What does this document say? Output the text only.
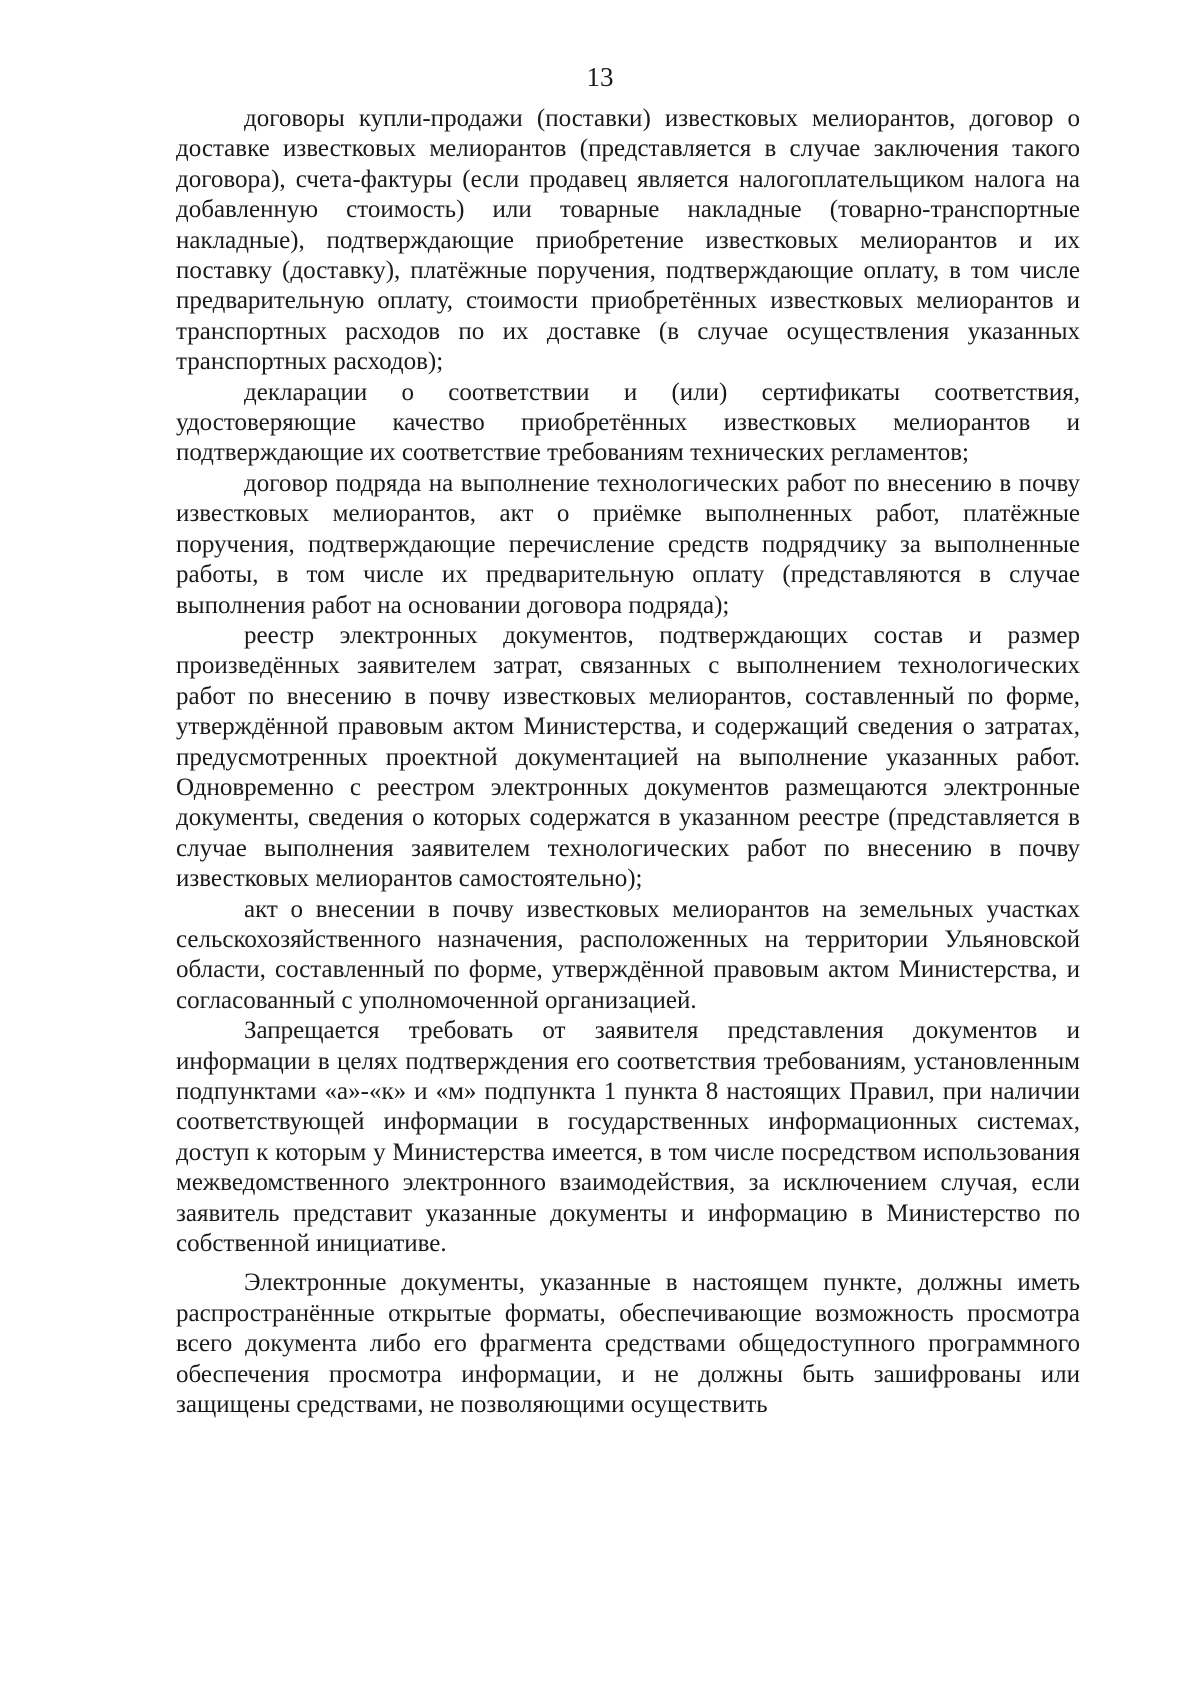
13

договоры купли-продажи (поставки) известковых мелиорантов, договор о доставке известковых мелиорантов (представляется в случае заключения такого договора), счета-фактуры (если продавец является налогоплательщиком налога на добавленную стоимость) или товарные накладные (товарно-транспортные накладные), подтверждающие приобретение известковых мелиорантов и их поставку (доставку), платёжные поручения, подтверждающие оплату, в том числе предварительную оплату, стоимости приобретённых известковых мелиорантов и транспортных расходов по их доставке (в случае осуществления указанных транспортных расходов);

декларации о соответствии и (или) сертификаты соответствия, удостоверяющие качество приобретённых известковых мелиорантов и подтверждающие их соответствие требованиям технических регламентов;

договор подряда на выполнение технологических работ по внесению в почву известковых мелиорантов, акт о приёмке выполненных работ, платёжные поручения, подтверждающие перечисление средств подрядчику за выполненные работы, в том числе их предварительную оплату (представляются в случае выполнения работ на основании договора подряда);

реестр электронных документов, подтверждающих состав и размер произведённых заявителем затрат, связанных с выполнением технологических работ по внесению в почву известковых мелиорантов, составленный по форме, утверждённой правовым актом Министерства, и содержащий сведения о затратах, предусмотренных проектной документацией на выполнение указанных работ. Одновременно с реестром электронных документов размещаются электронные документы, сведения о которых содержатся в указанном реестре (представляется в случае выполнения заявителем технологических работ по внесению в почву известковых мелиорантов самостоятельно);

акт о внесении в почву известковых мелиорантов на земельных участках сельскохозяйственного назначения, расположенных на территории Ульяновской области, составленный по форме, утверждённой правовым актом Министерства, и согласованный с уполномоченной организацией.

Запрещается требовать от заявителя представления документов и информации в целях подтверждения его соответствия требованиям, установленным подпунктами «а»-«к» и «м» подпункта 1 пункта 8 настоящих Правил, при наличии соответствующей информации в государственных информационных системах, доступ к которым у Министерства имеется, в том числе посредством использования межведомственного электронного взаимодействия, за исключением случая, если заявитель представит указанные документы и информацию в Министерство по собственной инициативе.

Электронные документы, указанные в настоящем пункте, должны иметь распространённые открытые форматы, обеспечивающие возможность просмотра всего документа либо его фрагмента средствами общедоступного программного обеспечения просмотра информации, и не должны быть зашифрованы или защищены средствами, не позволяющими осуществить
